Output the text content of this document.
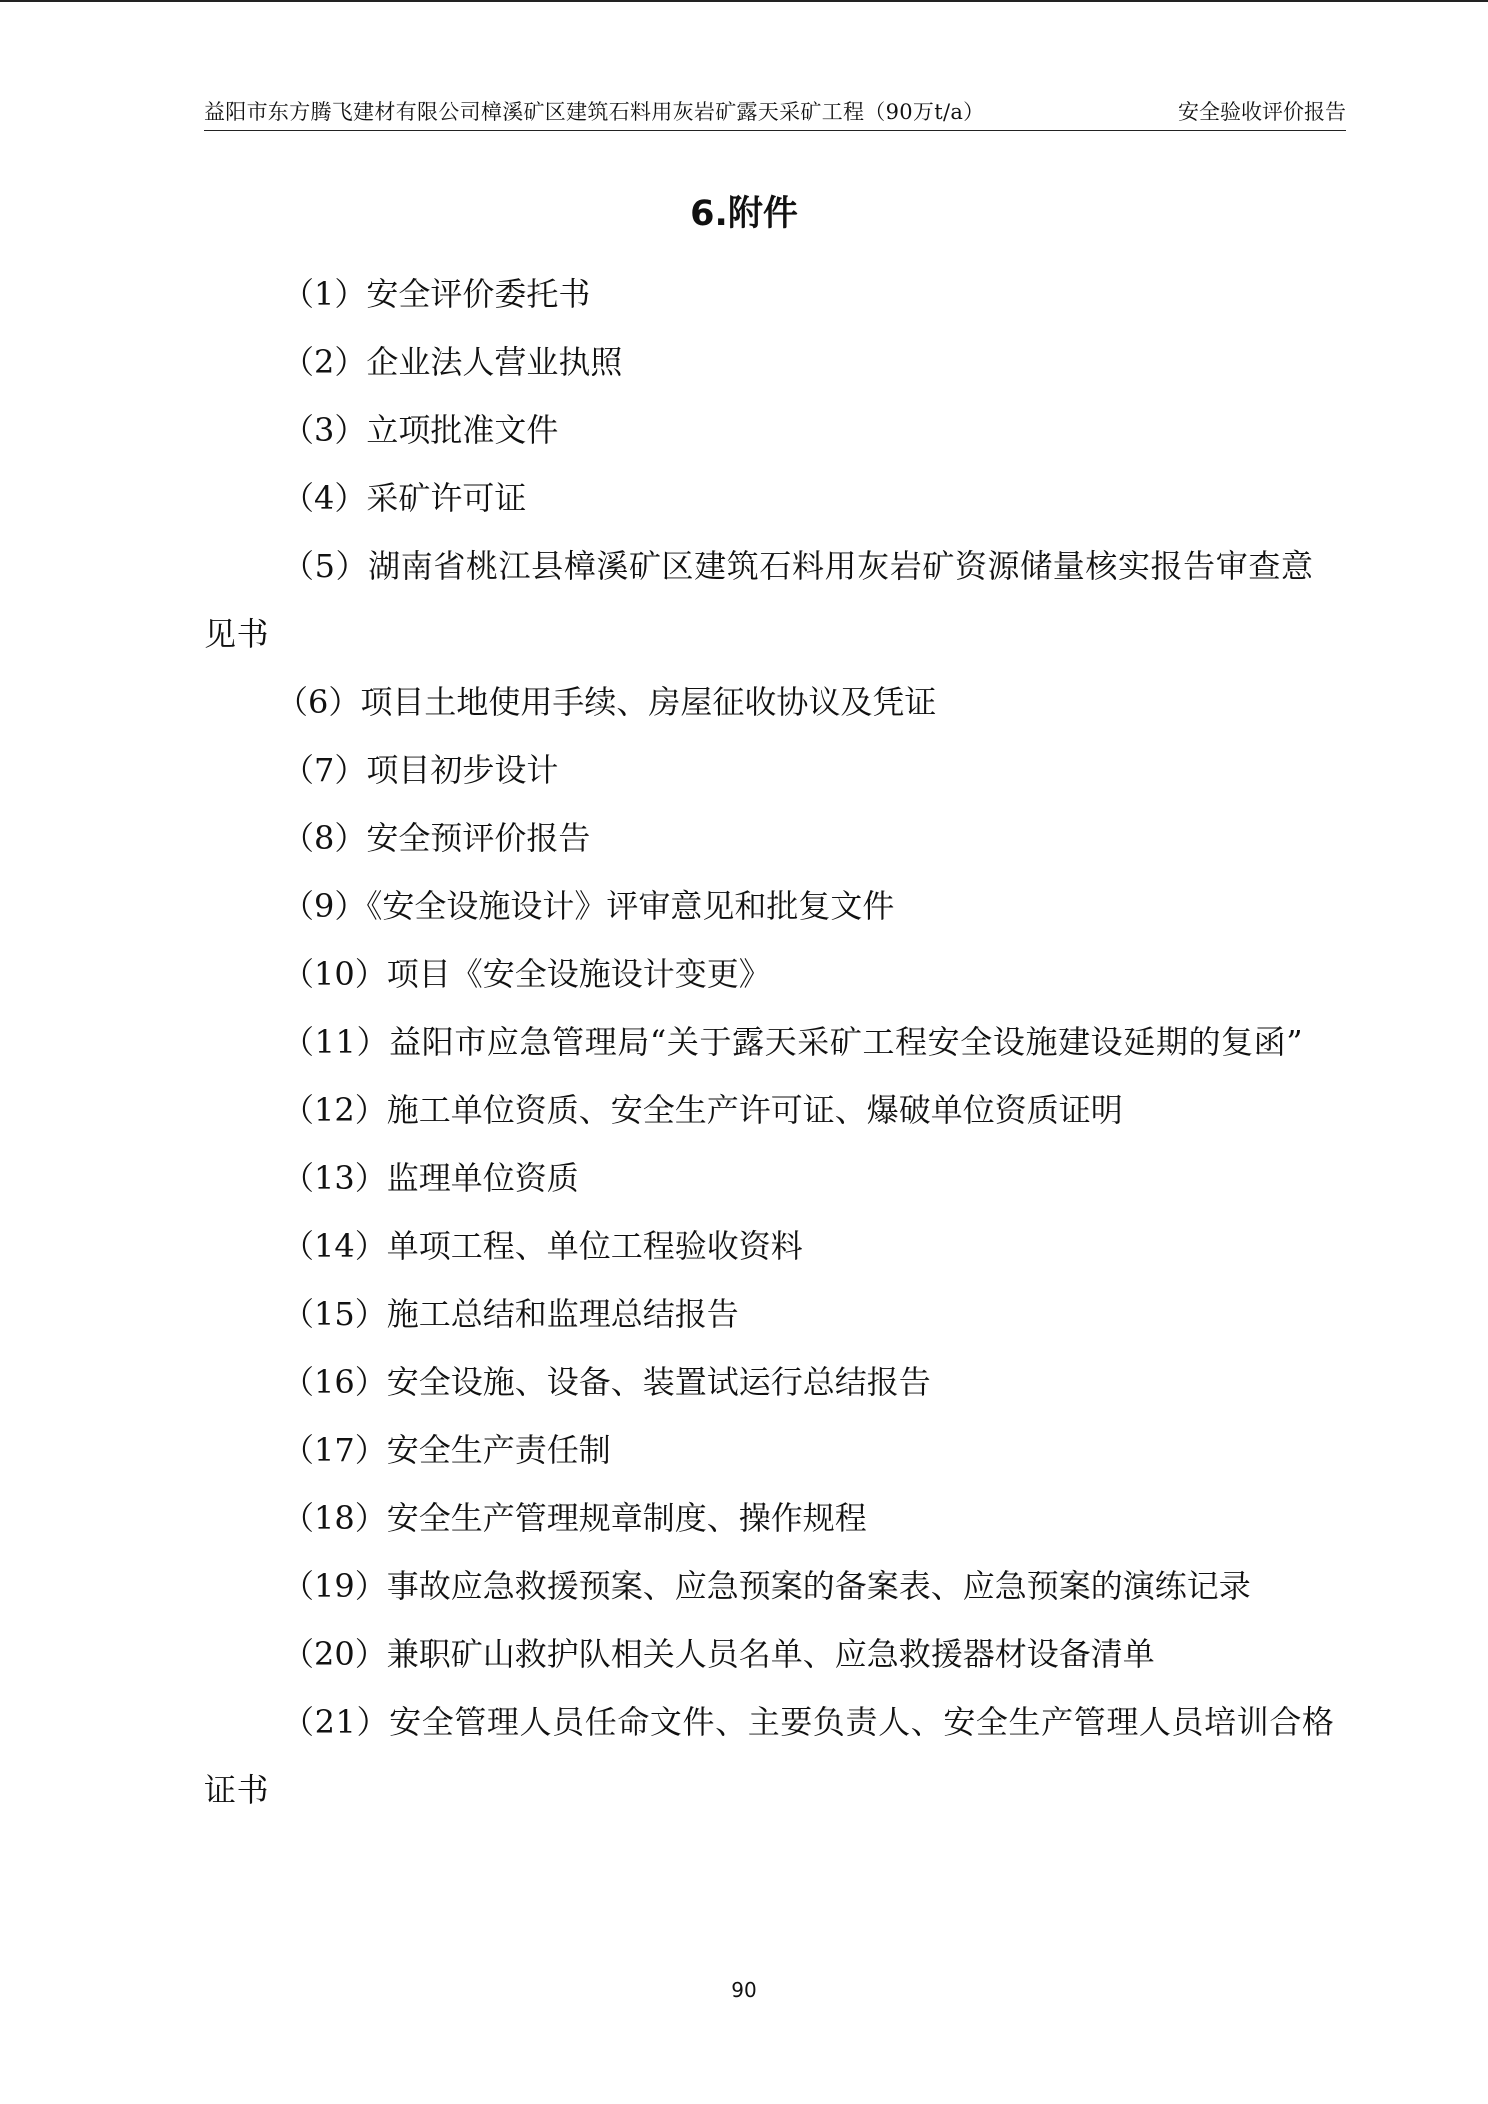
益阳市东方腾飞建材有限公司樟溪矿区建筑石料用灰岩矿露天采矿工程（90万t/a）	安全验收评价报告
6.附件
（1）安全评价委托书
（2）企业法人营业执照
（3）立项批准文件
（4）采矿许可证
（5）湖南省桃江县樟溪矿区建筑石料用灰岩矿资源储量核实报告审查意见书
（6）项目土地使用手续、房屋征收协议及凭证
（7）项目初步设计
（8）安全预评价报告
（9）《安全设施设计》评审意见和批复文件
（10）项目《安全设施设计变更》
（11）益阳市应急管理局“关于露天采矿工程安全设施建设延期的复函”
（12）施工单位资质、安全生产许可证、爆破单位资质证明
（13）监理单位资质
（14）单项工程、单位工程验收资料
（15）施工总结和监理总结报告
（16）安全设施、设备、装置试运行总结报告
（17）安全生产责任制
（18）安全生产管理规章制度、操作规程
（19）事故应急救援预案、应急预案的备案表、应急预案的演练记录
（20）兼职矿山救护队相关人员名单、应急救援器材设备清单
（21）安全管理人员任命文件、主要负责人、安全生产管理人员培训合格证书
90
